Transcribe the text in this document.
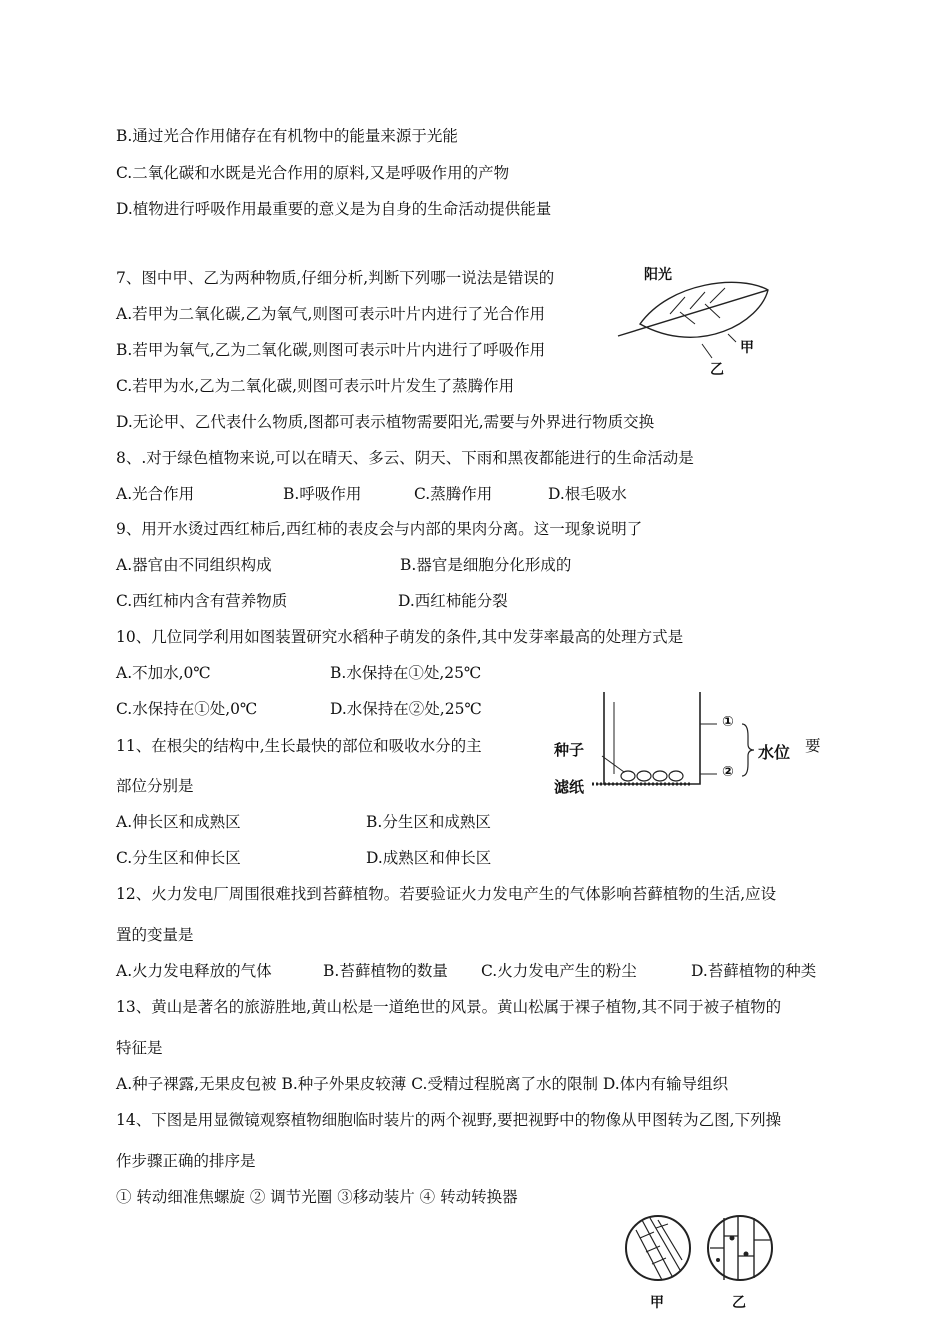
B.通过光合作用储存在有机物中的能量来源于光能
C.二氧化碳和水既是光合作用的原料,又是呼吸作用的产物
D.植物进行呼吸作用最重要的意义是为自身的生命活动提供能量
7、图中甲、乙为两种物质,仔细分析,判断下列哪一说法是错误的
A.若甲为二氧化碳,乙为氧气,则图可表示叶片内进行了光合作用
B.若甲为氧气,乙为二氧化碳,则图可表示叶片内进行了呼吸作用
C.若甲为水,乙为二氧化碳,则图可表示叶片发生了蒸腾作用
D.无论甲、乙代表什么物质,图都可表示植物需要阳光,需要与外界进行物质交换
阳光
甲
乙
8、.对于绿色植物来说,可以在晴天、多云、阴天、下雨和黑夜都能进行的生命活动是
A.光合作用	B.呼吸作用	C.蒸腾作用	D.根毛吸水
9、用开水烫过西红柿后,西红柿的表皮会与内部的果肉分离。这一现象说明了
A.器官由不同组织构成	B.器官是细胞分化形成的
C.西红柿内含有营养物质	D.西红柿能分裂
10、几位同学利用如图装置研究水稻种子萌发的条件,其中发芽率最高的处理方式是
A.不加水,0℃	B.水保持在①处,25℃
C.水保持在①处,0℃	D.水保持在②处,25℃
①
②
水位
种子
滤纸
11、在根尖的结构中,生长最快的部位和吸收水分的主	要
部位分别是
A.伸长区和成熟区	B.分生区和成熟区
C.分生区和伸长区	D.成熟区和伸长区
12、火力发电厂周围很难找到苔藓植物。若要验证火力发电产生的气体影响苔藓植物的生活,应设
置的变量是
A.火力发电释放的气体	B.苔藓植物的数量 C.火力发电产生的粉尘	D.苔藓植物的种类
13、黄山是著名的旅游胜地,黄山松是一道绝世的风景。黄山松属于裸子植物,其不同于被子植物的
特征是
A.种子裸露,无果皮包被 B.种子外果皮较薄 C.受精过程脱离了水的限制 D.体内有输导组织
14、下图是用显微镜观察植物细胞临时装片的两个视野,要把视野中的物像从甲图转为乙图,下列操
作步骤正确的排序是
① 转动细准焦螺旋 ② 调节光圈 ③移动装片 ④ 转动转换器
甲	乙
